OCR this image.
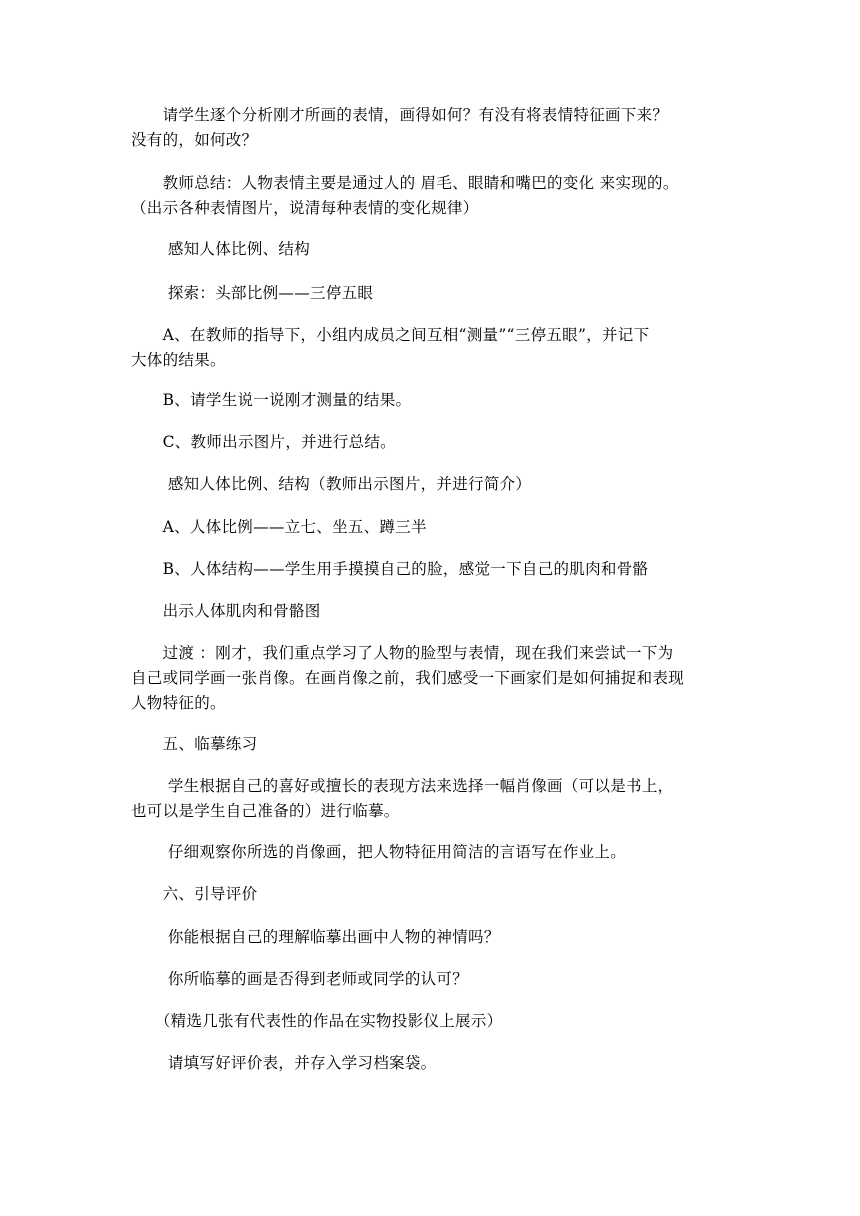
　　请学生逐个分析刚才所画的表情，画得如何？有没有将表情特征画下来？
没有的，如何改？

　　教师总结：人物表情主要是通过人的 眉毛、眼睛和嘴巴的变化 来实现的。
（出示各种表情图片，说清每种表情的变化规律）

　　 感知人体比例、结构

　　 探索：头部比例——三停五眼

　　A、在教师的指导下，小组内成员之间互相“测量”“三停五眼”，并记下
大体的结果。

　　B、请学生说一说刚才测量的结果。

　　C、教师出示图片，并进行总结。

　　 感知人体比例、结构（教师出示图片，并进行简介）

　　A、人体比例——立七、坐五、蹲三半

　　B、人体结构——学生用手摸摸自己的脸，感觉一下自己的肌肉和骨骼

　　出示人体肌肉和骨骼图

　　过渡 ：刚才，我们重点学习了人物的脸型与表情，现在我们来尝试一下为
自己或同学画一张肖像。在画肖像之前，我们感受一下画家们是如何捕捉和表现
人物特征的。

　　五、临摹练习

　　 学生根据自己的喜好或擅长的表现方法来选择一幅肖像画（可以是书上，
也可以是学生自己准备的）进行临摹。

　　 仔细观察你所选的肖像画，把人物特征用简洁的言语写在作业上。

　　六、引导评价

　　 你能根据自己的理解临摹出画中人物的神情吗？

　　 你所临摹的画是否得到老师或同学的认可？

　　（精选几张有代表性的作品在实物投影仪上展示）

　　 请填写好评价表，并存入学习档案袋。
